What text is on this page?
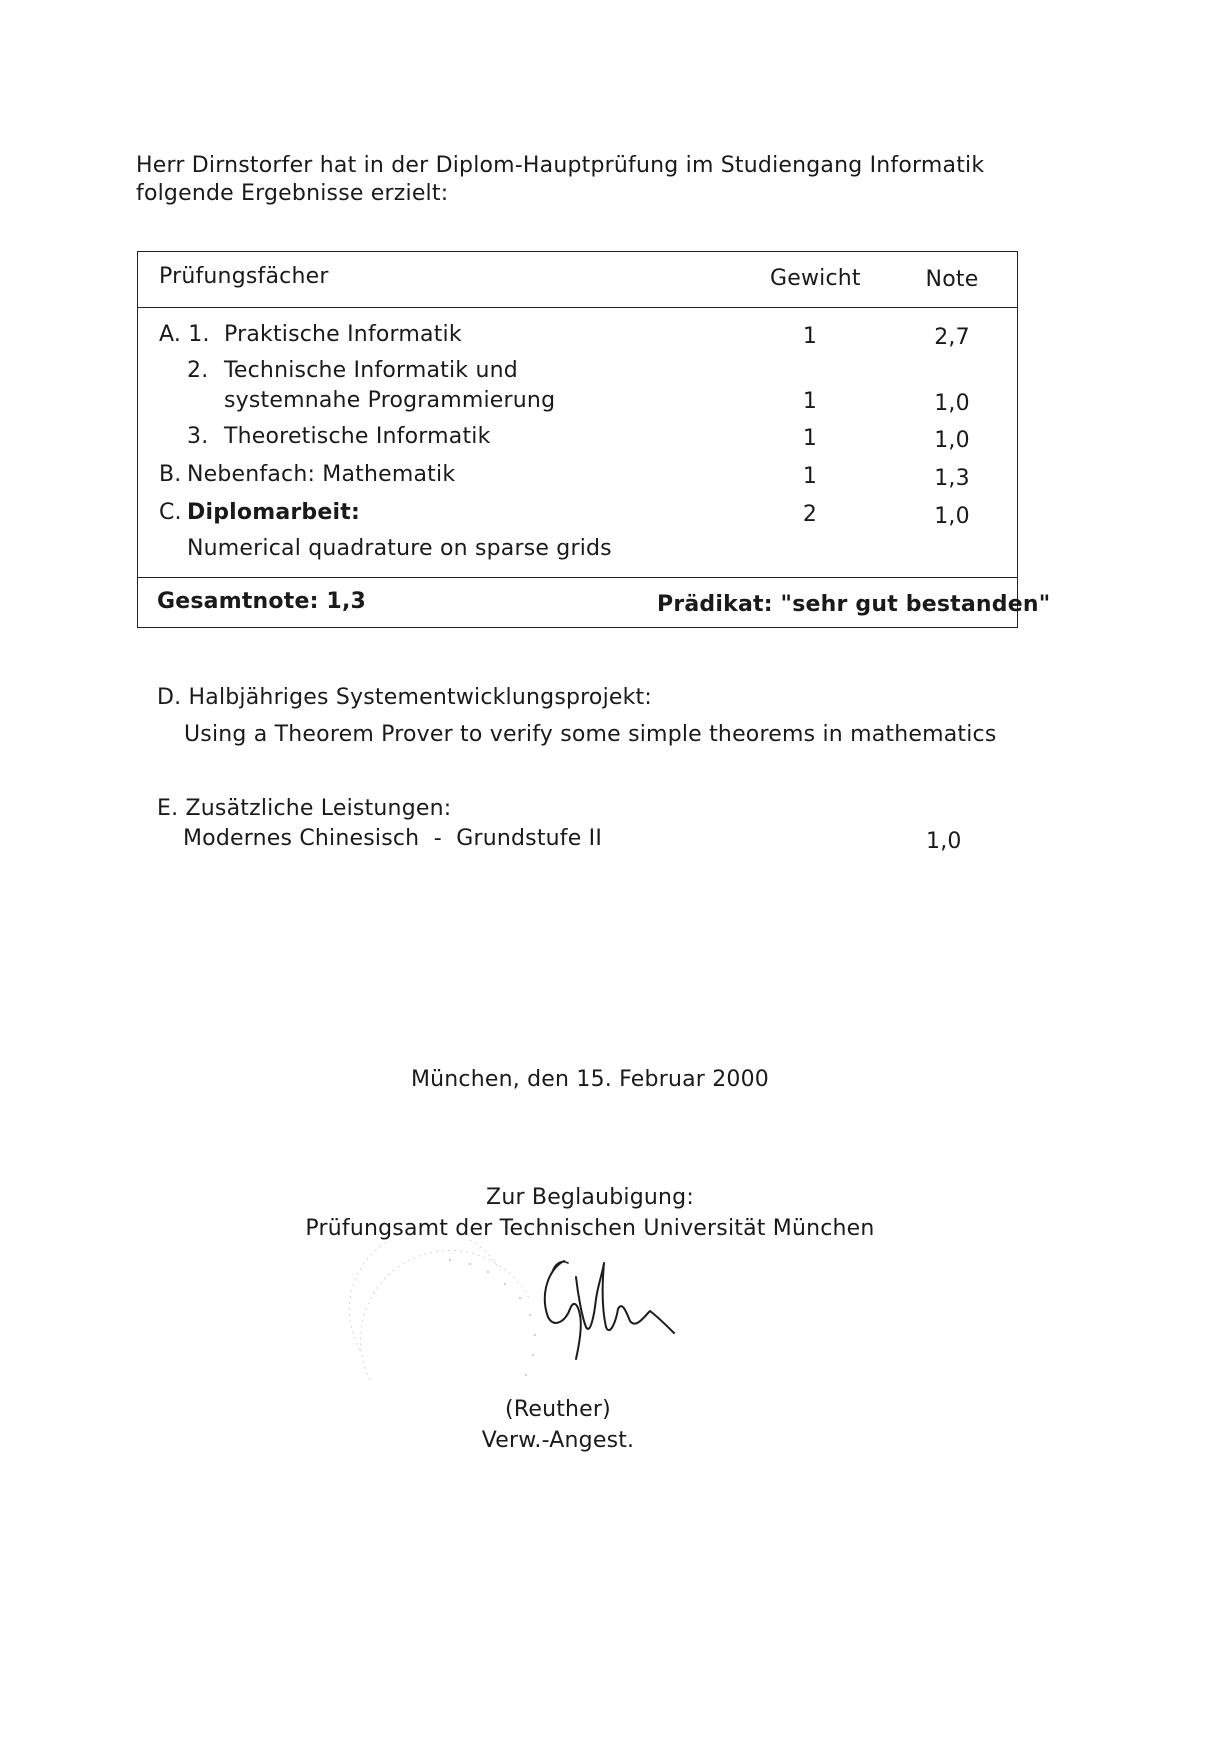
Herr Dirnstorfer hat in der Diplom-Hauptprüfung im Studiengang Informatik
folgende Ergebnisse erzielt:
Prüfungsfächer	Gewicht	Note
A. 1. Praktische Informatik	1	2,7
2. Technische Informatik und
systemnahe Programmierung	1	1,0
3. Theoretische Informatik	1	1,0
B. Nebenfach: Mathematik	1	1,3
C. Diplomarbeit:	2	1,0
Numerical quadrature on sparse grids
Gesamtnote: 1,3	Prädikat: "sehr gut bestanden"
D. Halbjähriges Systementwicklungsprojekt:
Using a Theorem Prover to verify some simple theorems in mathematics
E. Zusätzliche Leistungen:
Modernes Chinesisch  -  Grundstufe II	1,0
München, den 15. Februar 2000
Zur Beglaubigung:
Prüfungsamt der Technischen Universität München
(Reuther)
Verw.-Angest.
